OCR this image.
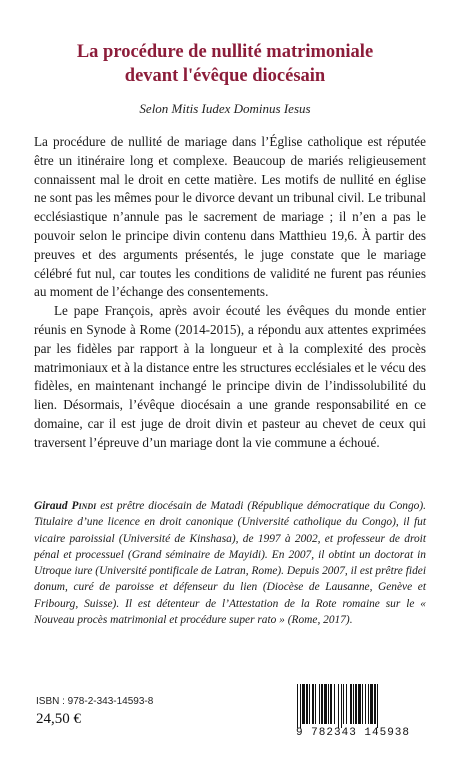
La procédure de nullité matrimoniale
devant l'évêque diocésain
Selon Mitis Iudex Dominus Iesus

La procédure de nullité de mariage dans l’Église catholique est réputée être un itinéraire long et complexe. Beaucoup de mariés religieusement connaissent mal le droit en cette matière. Les motifs de nullité en église ne sont pas les mêmes pour le divorce devant un tribunal civil. Le tribunal ecclésiastique n’annule pas le sacrement de mariage ; il n’en a pas le pouvoir selon le principe divin contenu dans Matthieu 19,6. À partir des preuves et des arguments présentés, le juge constate que le mariage célébré fut nul, car toutes les conditions de validité ne furent pas réunies au moment de l’échange des consentements.

Le pape François, après avoir écouté les évêques du monde entier réunis en Synode à Rome (2014-2015), a répondu aux attentes exprimées par les fidèles par rapport à la longueur et à la complexité des procès matrimoniaux et à la distance entre les structures ecclésiales et le vécu des fidèles, en maintenant inchangé le principe divin de l’indissolubilité du lien. Désormais, l’évêque diocésain a une grande responsabilité en ce domaine, car il est juge de droit divin et pasteur au chevet de ceux qui traversent l’épreuve d’un mariage dont la vie commune a échoué.

Giraud Pindi est prêtre diocésain de Matadi (République démocratique du Congo). Titulaire d’une licence en droit canonique (Université catholique du Congo), il fut vicaire paroissial (Université de Kinshasa), de 1997 à 2002, et professeur de droit pénal et processuel (Grand séminaire de Mayidi). En 2007, il obtint un doctorat in Utroque iure (Université pontificale de Latran, Rome). Depuis 2007, il est prêtre fidei donum, curé de paroisse et défenseur du lien (Diocèse de Lausanne, Genève et Fribourg, Suisse). Il est détenteur de l’Attestation de la Rote romaine sur le « Nouveau procès matrimonial et procédure super rato » (Rome, 2017).
ISBN : 978-2-343-14593-8
24,50 €
9 782343 145938
